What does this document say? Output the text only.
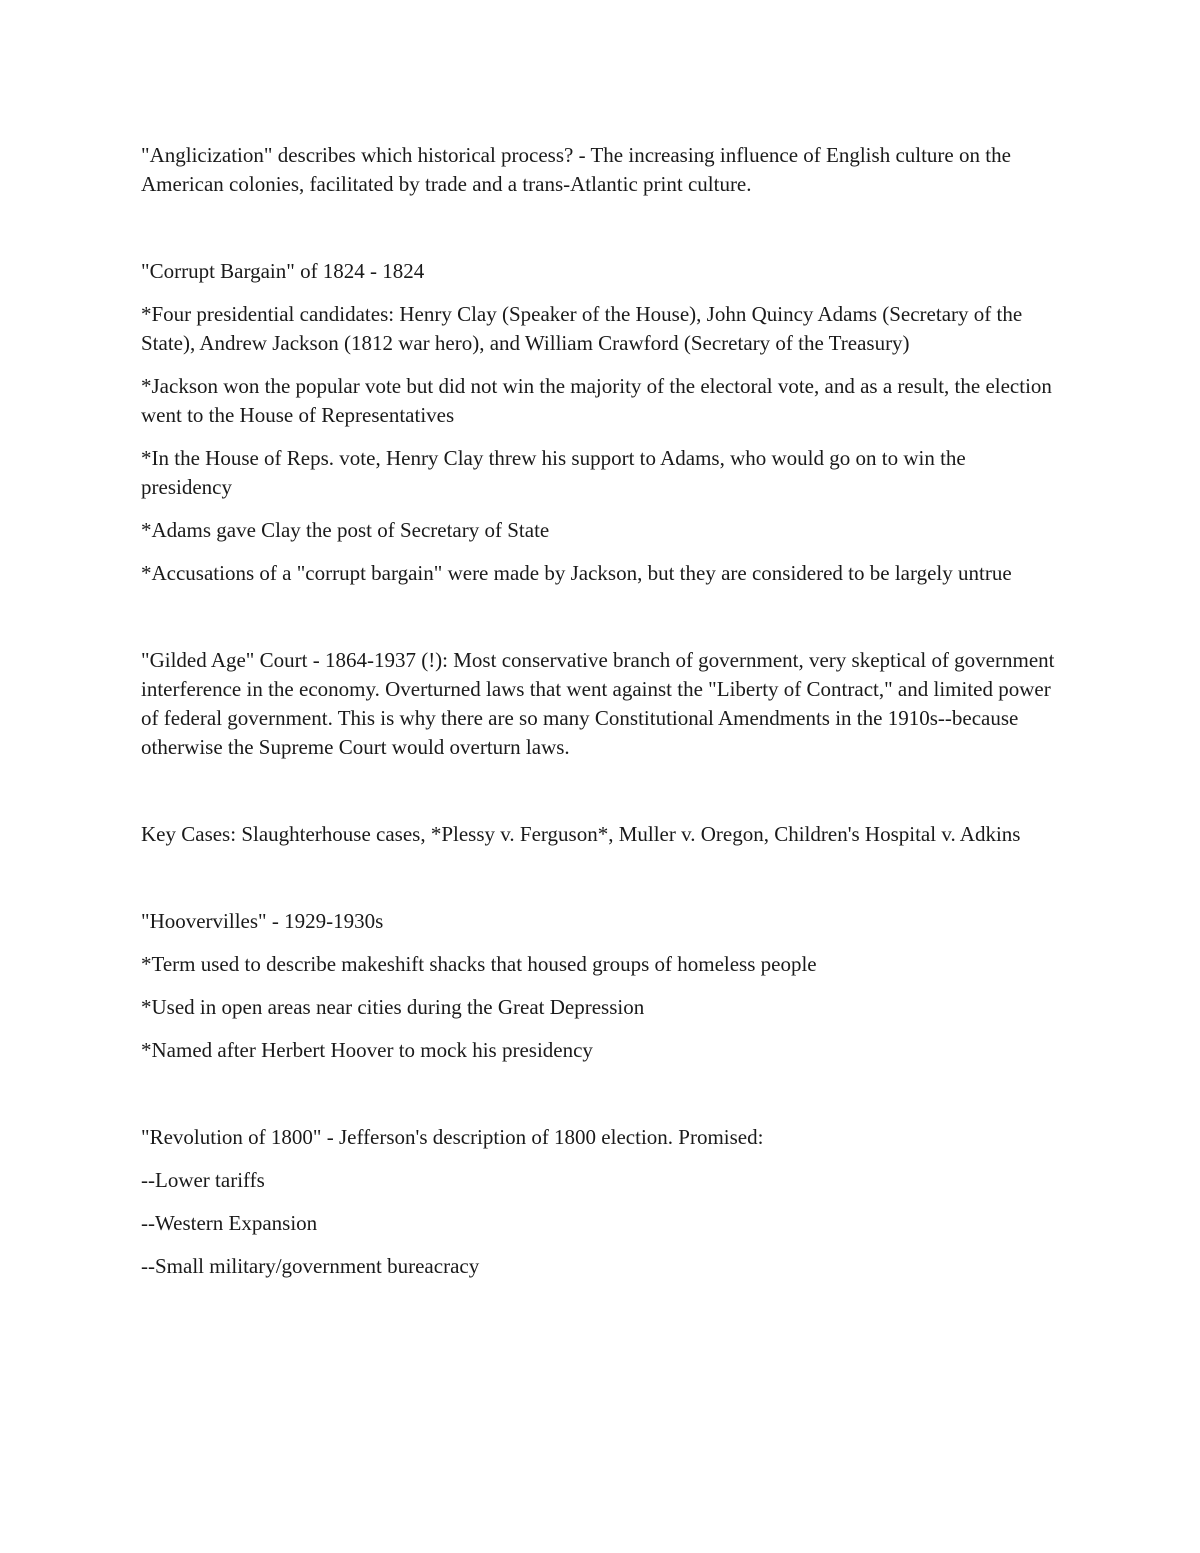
"Anglicization" describes which historical process? - The increasing influence of English culture on the American colonies, facilitated by trade and a trans-Atlantic print culture.

"Corrupt Bargain" of 1824 - 1824

*Four presidential candidates: Henry Clay (Speaker of the House), John Quincy Adams (Secretary of the State), Andrew Jackson (1812 war hero), and William Crawford (Secretary of the Treasury)

*Jackson won the popular vote but did not win the majority of the electoral vote, and as a result, the election went to the House of Representatives

*In the House of Reps. vote, Henry Clay threw his support to Adams, who would go on to win the presidency

*Adams gave Clay the post of Secretary of State

*Accusations of a "corrupt bargain" were made by Jackson, but they are considered to be largely untrue

"Gilded Age" Court - 1864-1937 (!): Most conservative branch of government, very skeptical of government interference in the economy. Overturned laws that went against the "Liberty of Contract," and limited power of federal government. This is why there are so many Constitutional Amendments in the 1910s--because otherwise the Supreme Court would overturn laws.

Key Cases: Slaughterhouse cases, *Plessy v. Ferguson*, Muller v. Oregon, Children's Hospital v. Adkins

"Hoovervilles" - 1929-1930s

*Term used to describe makeshift shacks that housed groups of homeless people

*Used in open areas near cities during the Great Depression

*Named after Herbert Hoover to mock his presidency

"Revolution of 1800" - Jefferson's description of 1800 election. Promised:

--Lower tariffs

--Western Expansion

--Small military/government bureacracy
